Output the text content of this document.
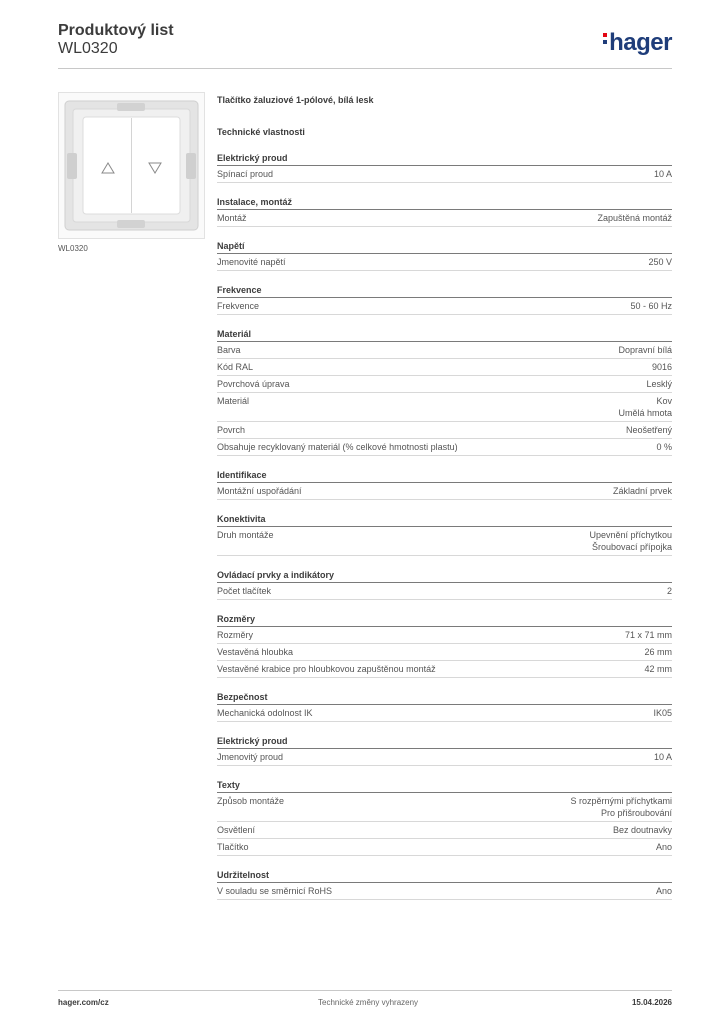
Produktový list
WL0320	hager
WL0320
Tlačítko žaluziové 1-pólové, bílá lesk
Technické vlastnosti
Elektrický proud
Spínací proud	10 A
Instalace, montáž
Montáž	Zapuštěná montáž
Napětí
Jmenovité napětí	250 V
Frekvence
Frekvence	50 - 60 Hz
Materiál
Barva	Dopravní bílá
Kód RAL	9016
Povrchová úprava	Lesklý
Materiál	Kov
Umělá hmota
Povrch	Neošetřený
Obsahuje recyklovaný materiál (% celkové hmotnosti plastu)	0 %
Identifikace
Montážní uspořádání	Základní prvek
Konektivita
Druh montáže	Upevnění příchytkou
Šroubovací přípojka
Ovládací prvky a indikátory
Počet tlačítek	2
Rozměry
Rozměry	71 x 71 mm
Vestavěná hloubka	26 mm
Vestavěné krabice pro hloubkovou zapuštěnou montáž	42 mm
Bezpečnost
Mechanická odolnost IK	IK05
Elektrický proud
Jmenovitý proud	10 A
Texty
Způsob montáže	S rozpěrnými příchytkami
Pro přišroubování
Osvětlení	Bez doutnavky
Tlačítko	Ano
Udržitelnost
V souladu se směrnicí RoHS	Ano
hager.com/cz	Technické změny vyhrazeny	15.04.2026
